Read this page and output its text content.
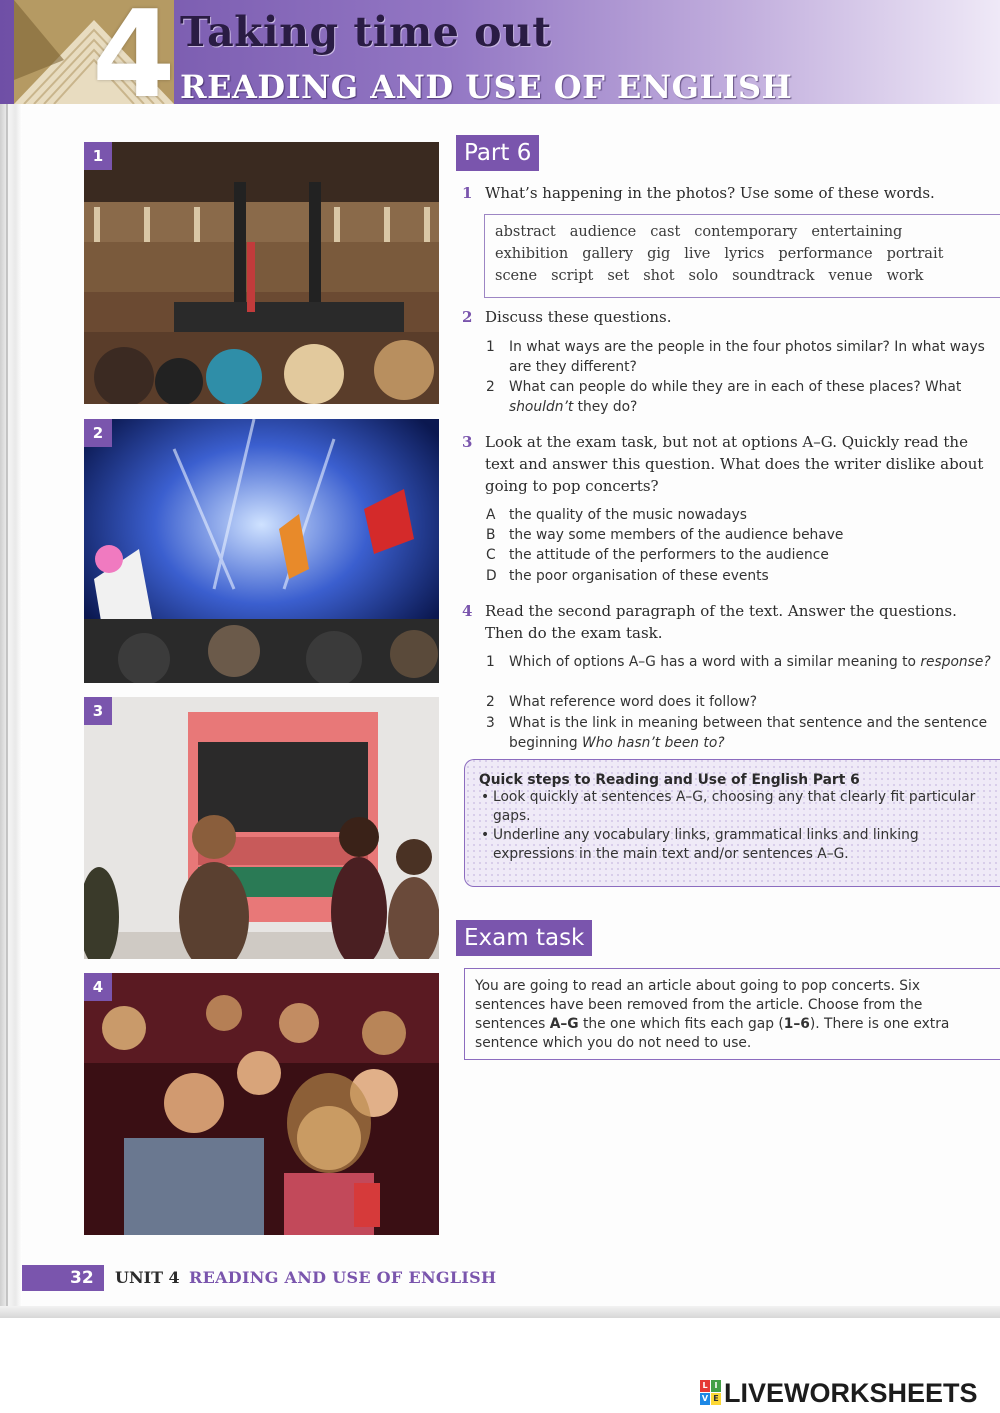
4 Taking time out
READING AND USE OF ENGLISH
1
2
3
4
Part 6
1 What’s happening in the photos? Use some of these words.
abstract audience cast contemporary entertainingexhibition gallery gig live lyrics performance portraitscene script set shot solo soundtrack venue work
2 Discuss these questions.
1	In what ways are the people in the four photos similar? In what ways are they different?
2	What can people do while they are in each of these places? What shouldn’t they do?
3 Look at the exam task, but not at options A–G. Quickly read the text and answer this question. What does the writer dislike about going to pop concerts?
A the quality of the music nowadays
B the way some members of the audience behave
C the attitude of the performers to the audience
D the poor organisation of these events
4 Read the second paragraph of the text. Answer the questions. Then do the exam task.
1	Which of options A–G has a word with a similar meaning to response?
2	What reference word does it follow?
3	What is the link in meaning between that sentence and the sentence beginning Who hasn’t been to?
Quick steps to Reading and Use of English Part 6
• Look quickly at sentences A–G, choosing any that clearly fit particular gaps.
• Underline any vocabulary links, grammatical links and linking expressions in the main text and/or sentences A–G.
Exam task
You are going to read an article about going to pop concerts. Six sentences have been removed from the article. Choose from the sentences A–G the one which fits each gap (1–6). There is one extra sentence which you do not need to use.
32 UNIT 4 READING AND USE OF ENGLISH
L I
V E LIVEWORKSHEETS
